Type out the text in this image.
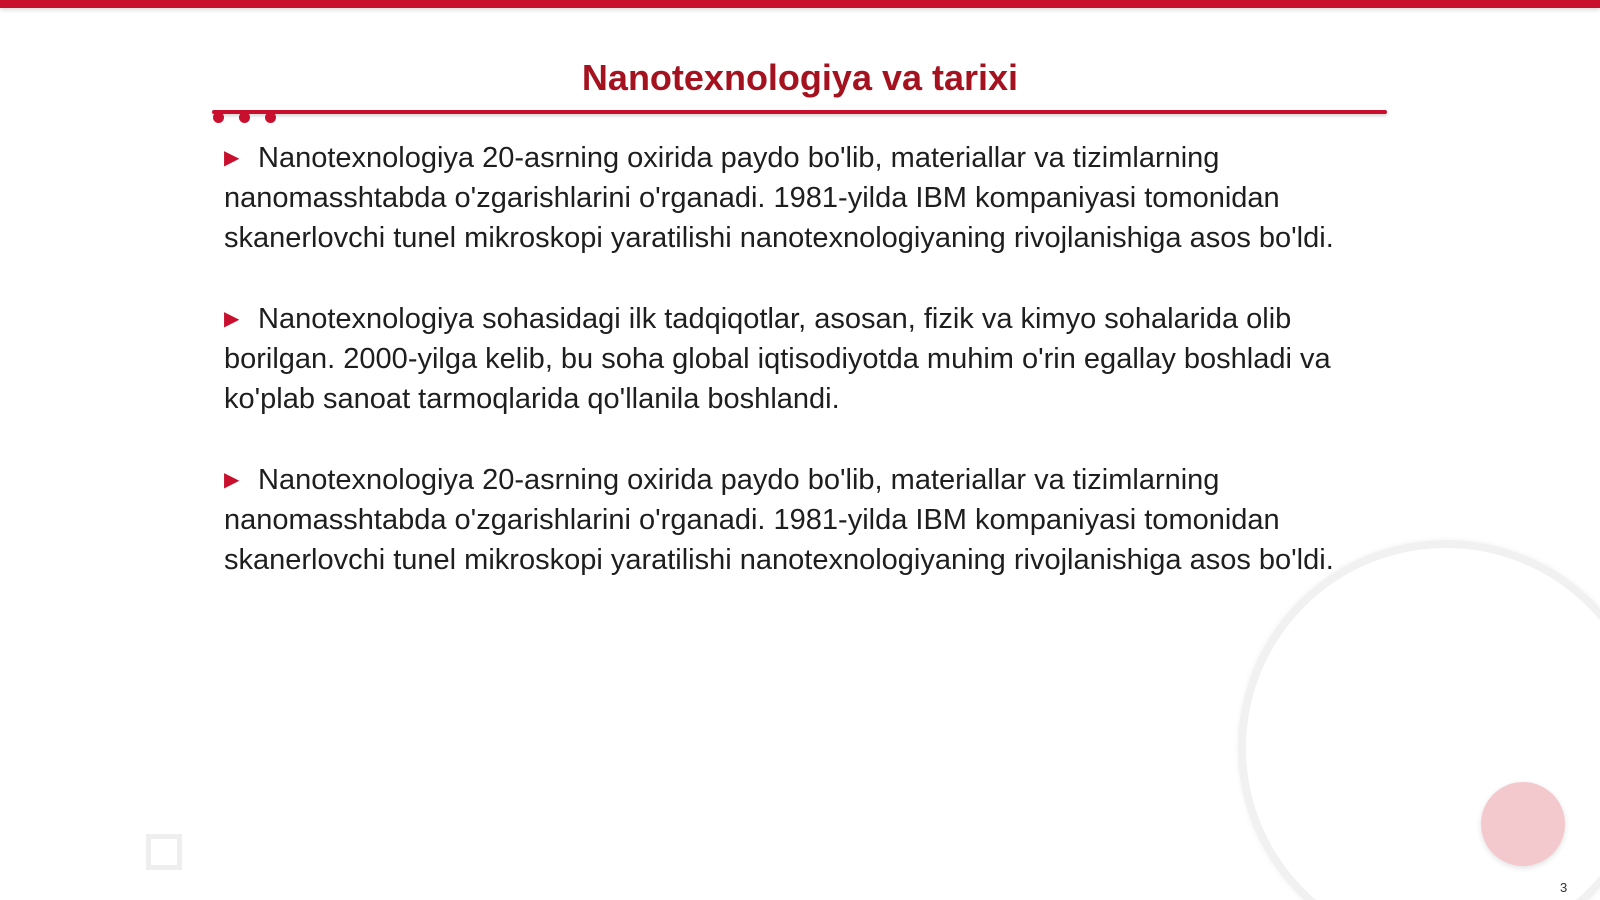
Nanotexnologiya va tarixi

▶ Nanotexnologiya 20-asrning oxirida paydo bo'lib, materiallar va tizimlarning nanomasshtabda o'zgarishlarini o'rganadi. 1981-yilda IBM kompaniyasi tomonidan skanerlovchi tunel mikroskopi yaratilishi nanotexnologiyaning rivojlanishiga asos bo'ldi.

▶ Nanotexnologiya sohasidagi ilk tadqiqotlar, asosan, fizik va kimyo sohalarida olib borilgan. 2000-yilga kelib, bu soha global iqtisodiyotda muhim o'rin egallay boshladi va ko'plab sanoat tarmoqlarida qo'llanila boshlandi.

▶ Nanotexnologiya 20-asrning oxirida paydo bo'lib, materiallar va tizimlarning nanomasshtabda o'zgarishlarini o'rganadi. 1981-yilda IBM kompaniyasi tomonidan skanerlovchi tunel mikroskopi yaratilishi nanotexnologiyaning rivojlanishiga asos bo'ldi.

3
